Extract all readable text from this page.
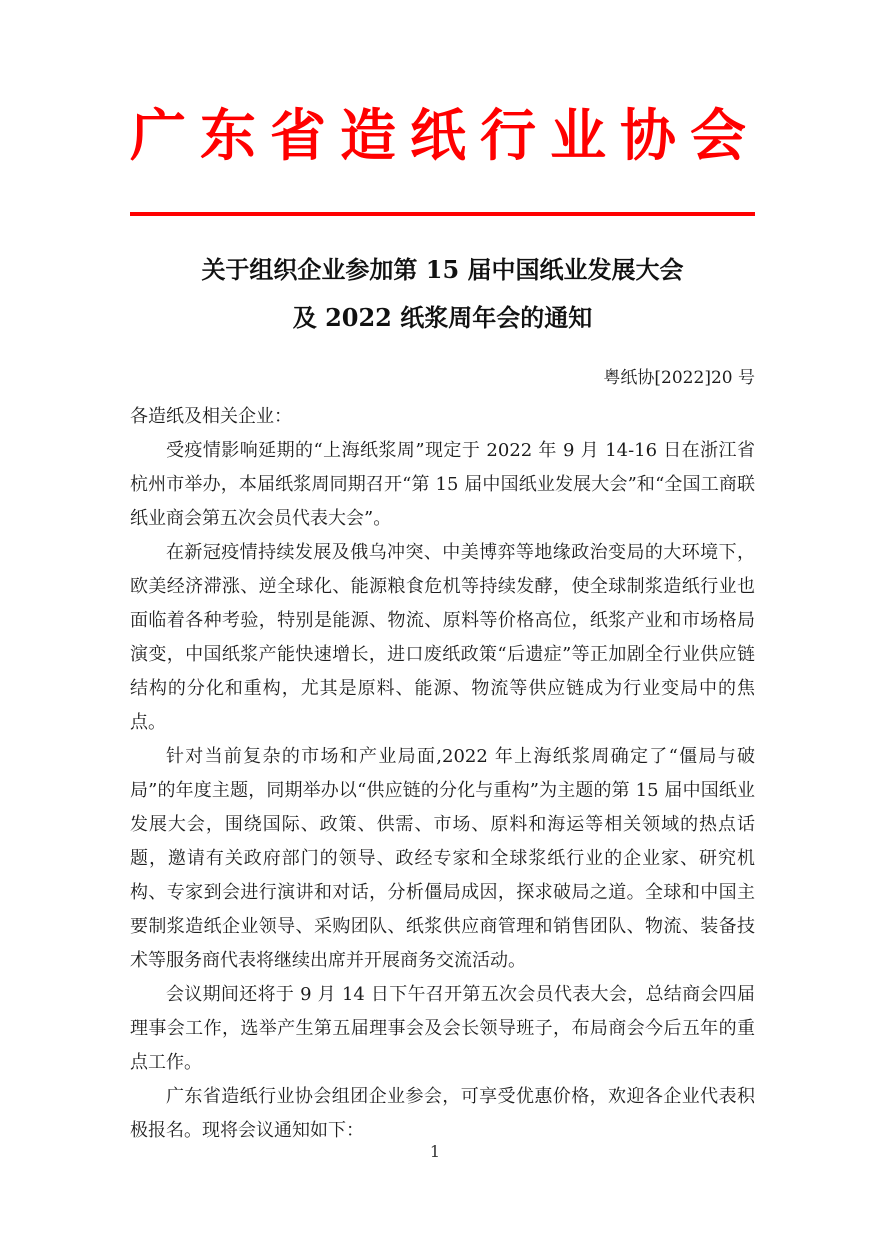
广东省造纸行业协会
关于组织企业参加第 15 届中国纸业发展大会
及 2022 纸浆周年会的通知
粤纸协[2022]20 号
各造纸及相关企业：

受疫情影响延期的“上海纸浆周”现定于 2022 年 9 月 14-16 日在浙江省杭州市举办，本届纸浆周同期召开“第 15 届中国纸业发展大会”和“全国工商联纸业商会第五次会员代表大会”。

在新冠疫情持续发展及俄乌冲突、中美博弈等地缘政治变局的大环境下，欧美经济滞涨、逆全球化、能源粮食危机等持续发酵，使全球制浆造纸行业也面临着各种考验，特别是能源、物流、原料等价格高位，纸浆产业和市场格局演变，中国纸浆产能快速增长，进口废纸政策“后遗症”等正加剧全行业供应链结构的分化和重构，尤其是原料、能源、物流等供应链成为行业变局中的焦点。

针对当前复杂的市场和产业局面,2022 年上海纸浆周确定了“僵局与破局”的年度主题，同期举办以“供应链的分化与重构”为主题的第 15 届中国纸业发展大会，围绕国际、政策、供需、市场、原料和海运等相关领域的热点话题，邀请有关政府部门的领导、政经专家和全球浆纸行业的企业家、研究机构、专家到会进行演讲和对话，分析僵局成因，探求破局之道。全球和中国主要制浆造纸企业领导、采购团队、纸浆供应商管理和销售团队、物流、装备技术等服务商代表将继续出席并开展商务交流活动。

会议期间还将于 9 月 14 日下午召开第五次会员代表大会，总结商会四届理事会工作，选举产生第五届理事会及会长领导班子，布局商会今后五年的重点工作。

广东省造纸行业协会组团企业参会，可享受优惠价格，欢迎各企业代表积极报名。现将会议通知如下：

1
